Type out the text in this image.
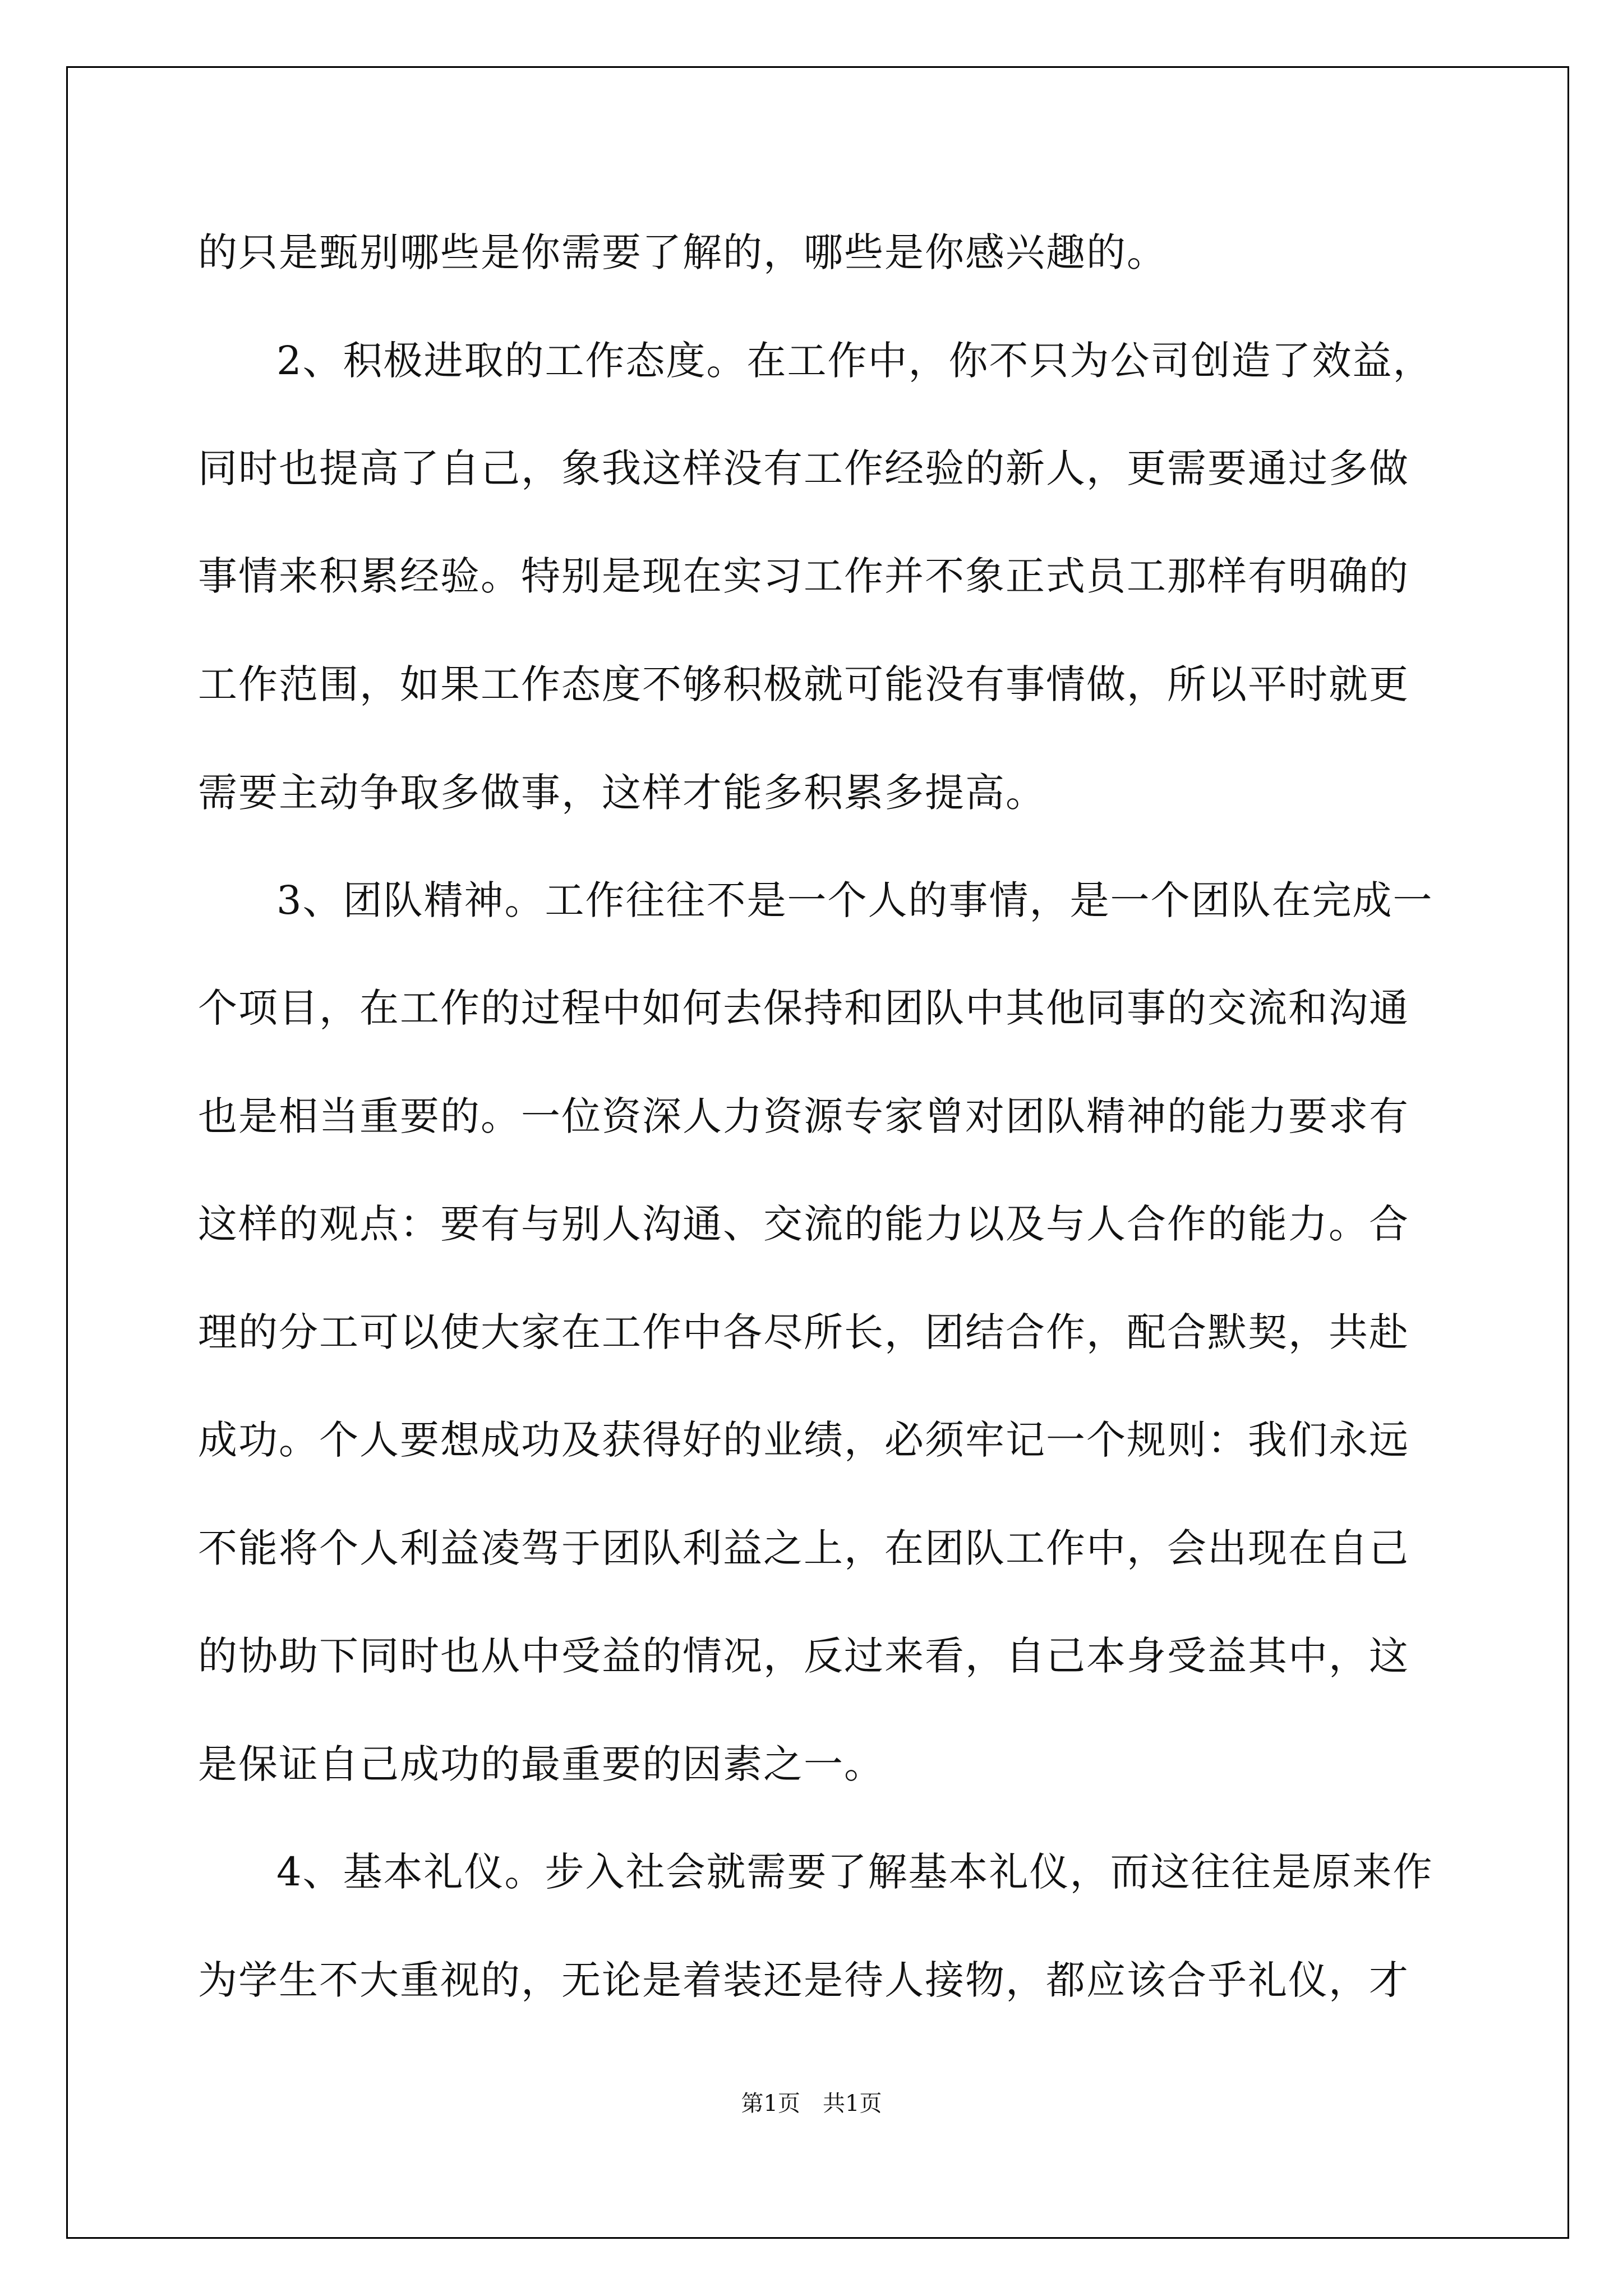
的只是甄别哪些是你需要了解的，哪些是你感兴趣的。
2、积极进取的工作态度。在工作中，你不只为公司创造了效益，
同时也提高了自己，象我这样没有工作经验的新人，更需要通过多做
事情来积累经验。特别是现在实习工作并不象正式员工那样有明确的
工作范围，如果工作态度不够积极就可能没有事情做，所以平时就更
需要主动争取多做事，这样才能多积累多提高。
3、团队精神。工作往往不是一个人的事情，是一个团队在完成一
个项目，在工作的过程中如何去保持和团队中其他同事的交流和沟通
也是相当重要的。一位资深人力资源专家曾对团队精神的能力要求有
这样的观点：要有与别人沟通、交流的能力以及与人合作的能力。合
理的分工可以使大家在工作中各尽所长，团结合作，配合默契，共赴
成功。个人要想成功及获得好的业绩，必须牢记一个规则：我们永远
不能将个人利益凌驾于团队利益之上，在团队工作中，会出现在自己
的协助下同时也从中受益的情况，反过来看，自己本身受益其中，这
是保证自己成功的最重要的因素之一。
4、基本礼仪。步入社会就需要了解基本礼仪，而这往往是原来作
为学生不大重视的，无论是着装还是待人接物，都应该合乎礼仪，才
第1页　共1页
